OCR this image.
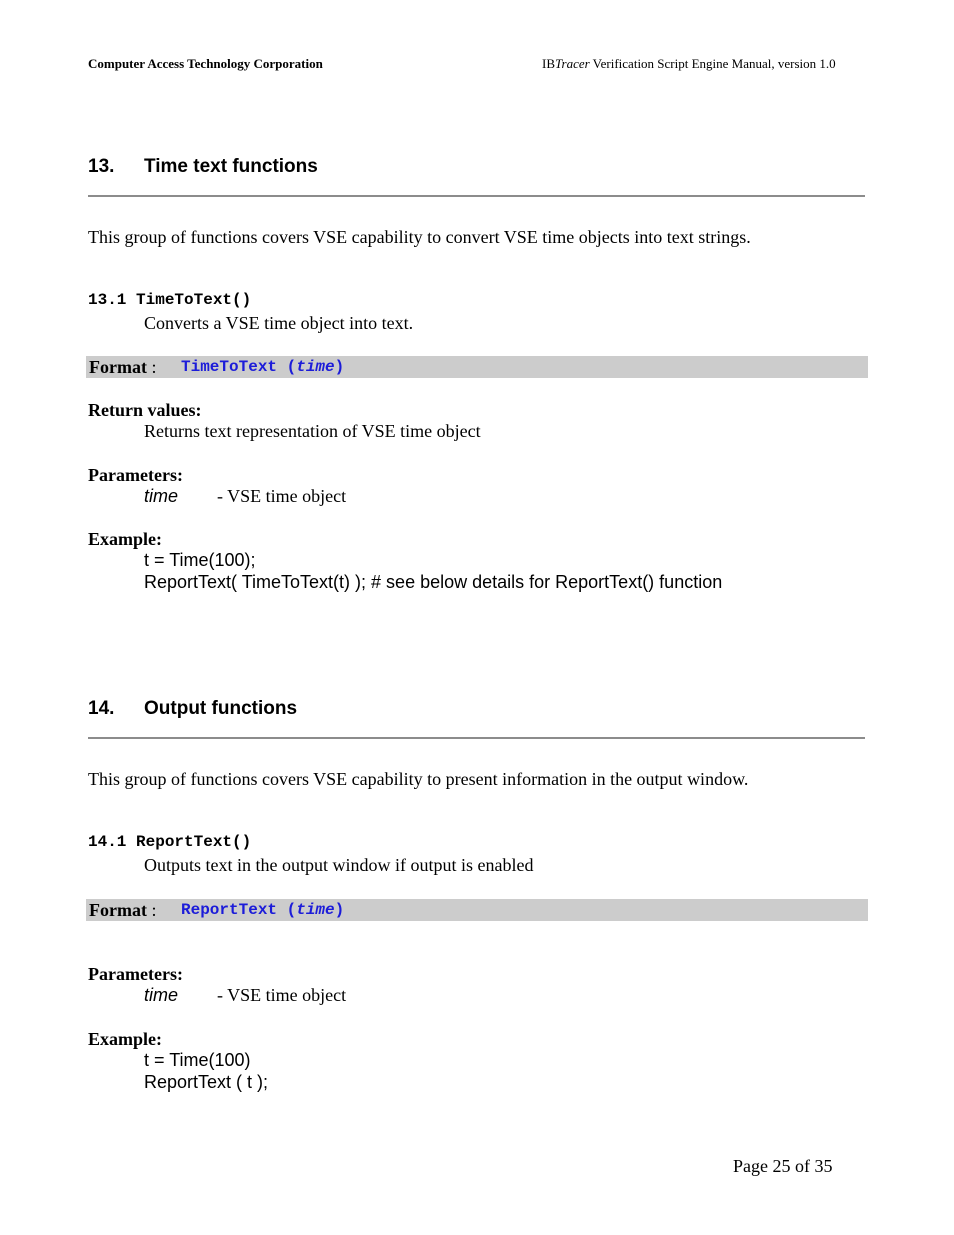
Computer Access Technology Corporation	IBTracer Verification Script Engine Manual, version 1.0
13. Time text functions
This group of functions covers VSE capability to convert VSE time objects into text strings.
13.1 TimeToText()
Converts a VSE time object into text.
Format : TimeToText (time)
Return values:
Returns text representation of VSE time object
Parameters:
time - VSE time object
Example:
t = Time(100);
ReportText( TimeToText(t) ); # see below details for ReportText() function
14. Output functions
This group of functions covers VSE capability to present information in the output window.
14.1 ReportText()
Outputs text in the output window if output is enabled
Format : ReportText (time)
Parameters:
time - VSE time object
Example:
t = Time(100)
ReportText ( t );
Page 25 of 35
